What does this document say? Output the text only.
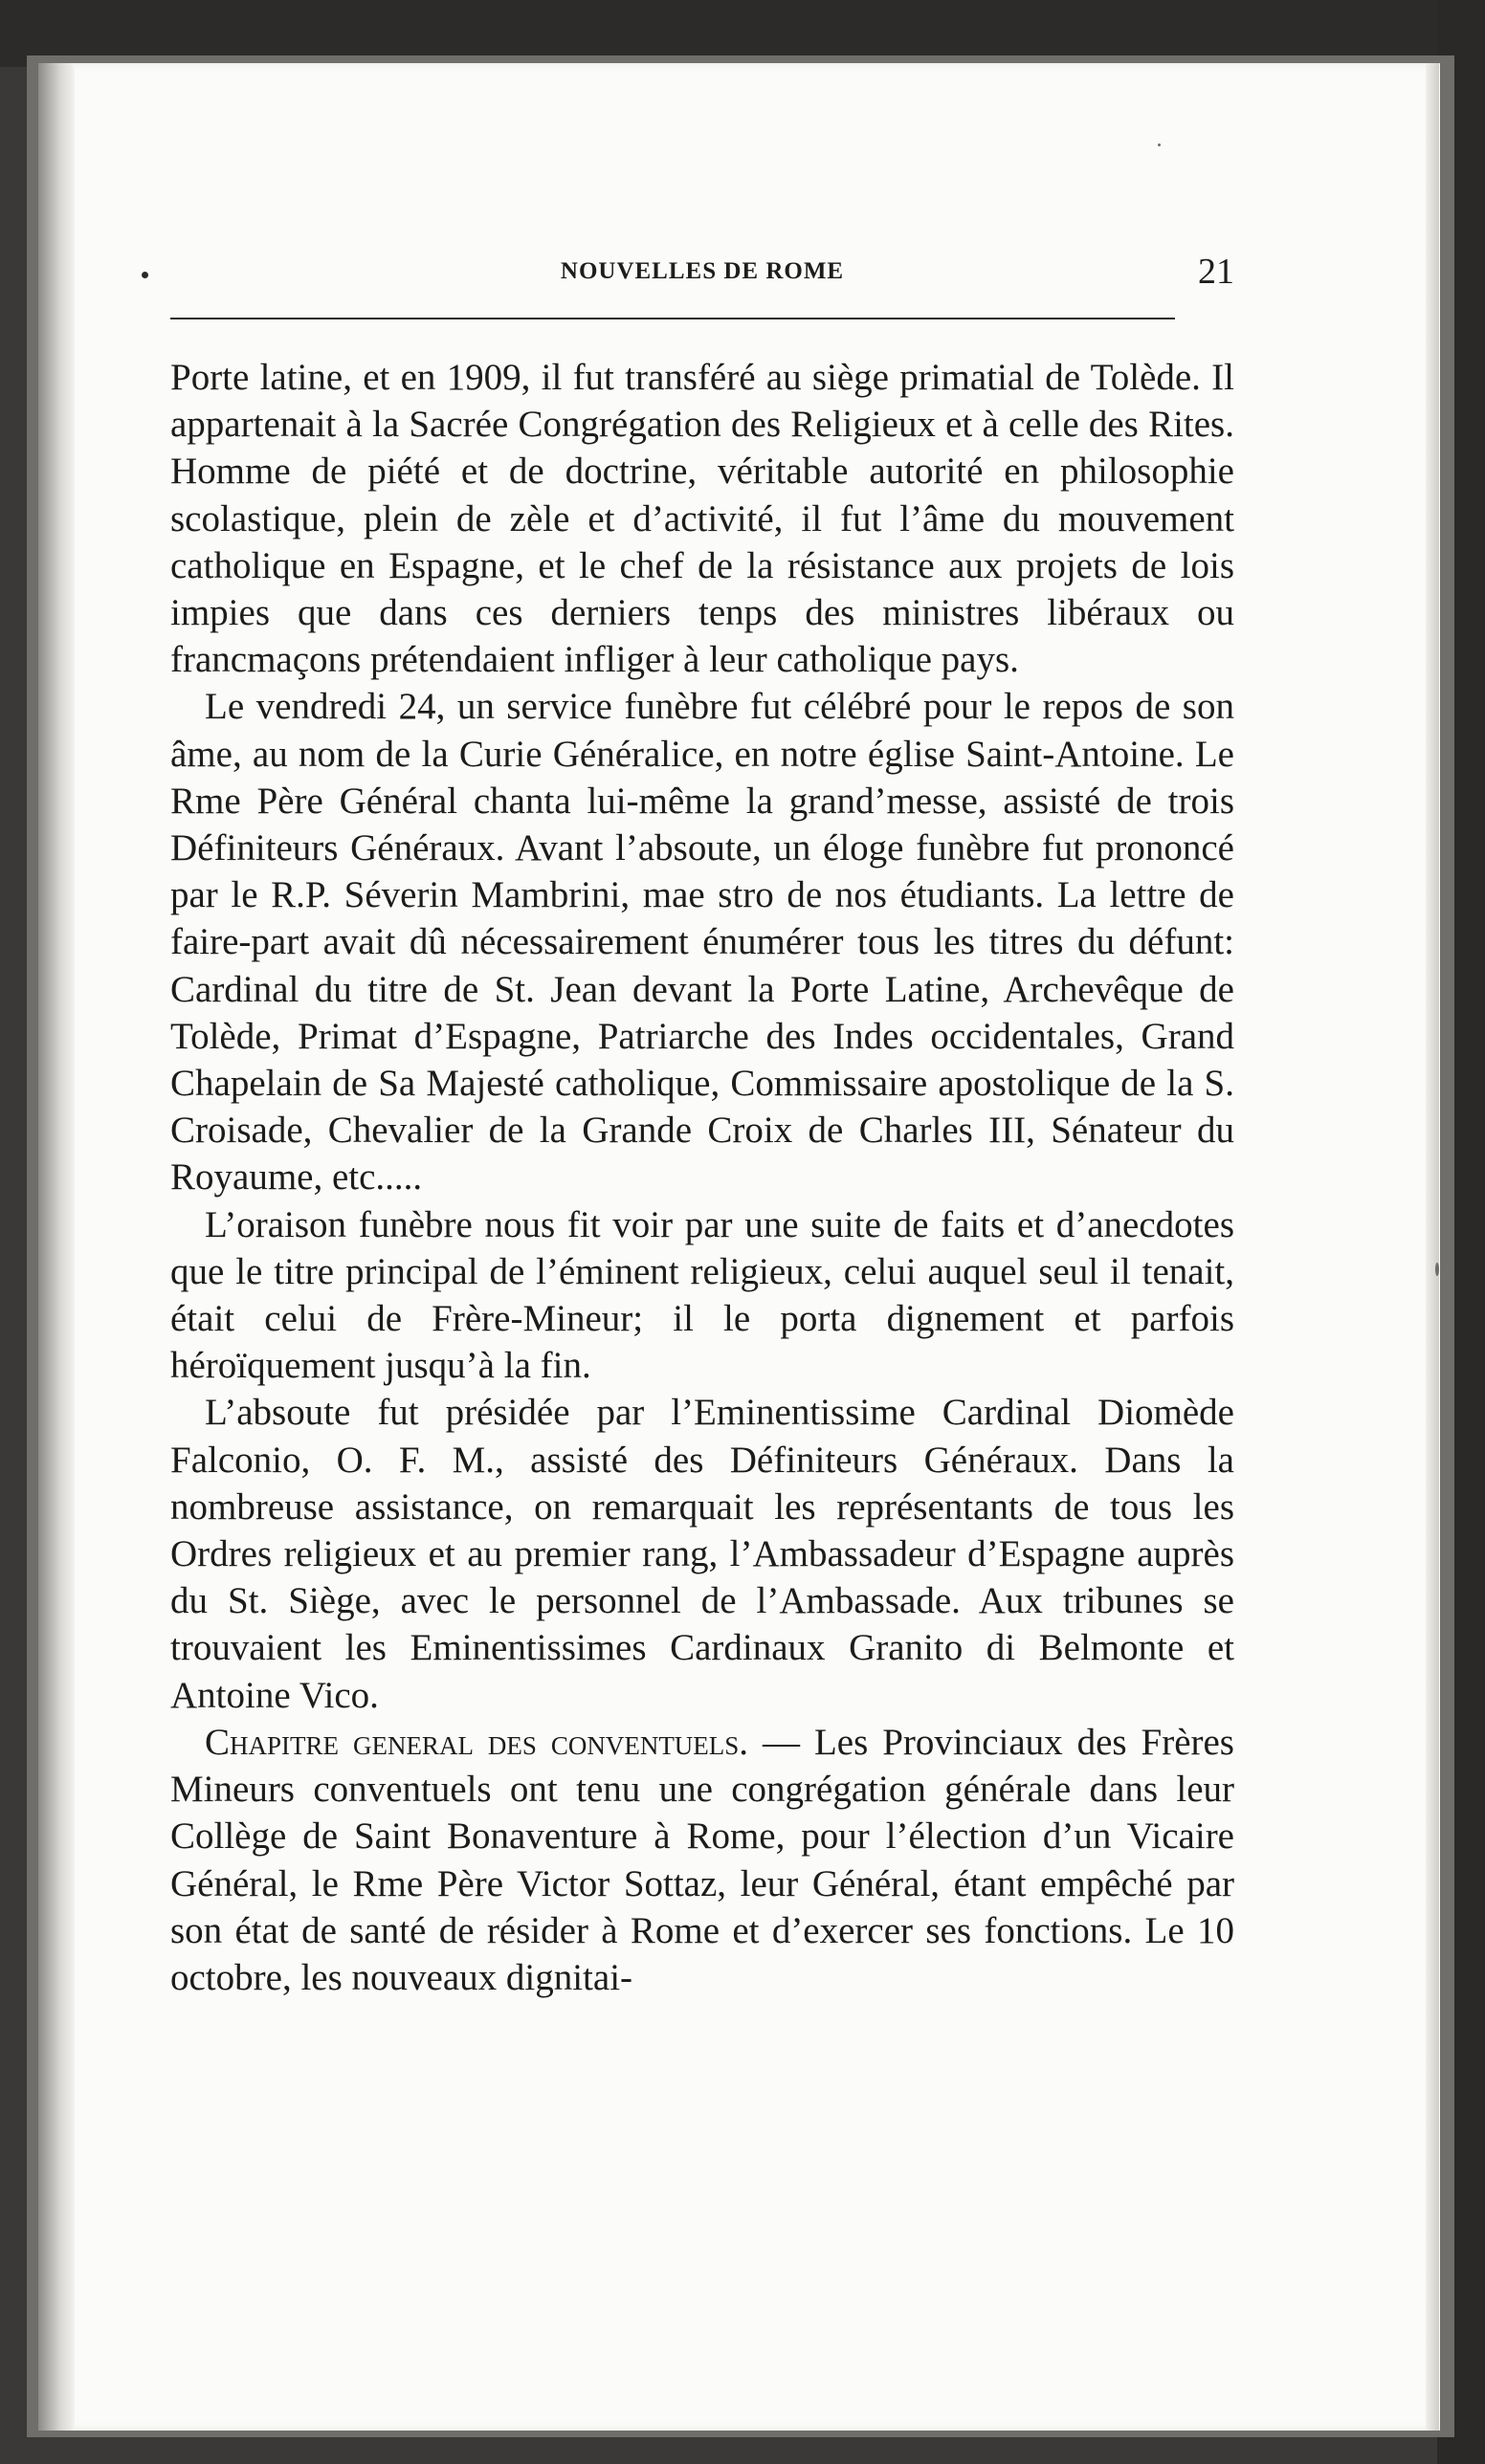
NOUVELLES DE ROME	21

Porte latine, et en 1909, il fut transféré au siège primatial de Tolède. Il appartenait à la Sacrée Congrégation des Religieux et à celle des Rites. Homme de piété et de doctrine, véritable autorité en philosophie scolastique, plein de zèle et d’activité, il fut l’âme du mouvement catholique en Espagne, et le chef de la résistance aux projets de lois impies que dans ces derniers tenps des ministres libéraux ou francmaçons prétendaient infliger à leur catholique pays.

Le vendredi 24, un service funèbre fut célébré pour le repos de son âme, au nom de la Curie Généralice, en notre église Saint-Antoine. Le Rme Père Général chanta lui-même la grand’messe, assisté de trois Définiteurs Généraux. Avant l’absoute, un éloge funèbre fut prononcé par le R.P. Séverin Mambrini, mae stro de nos étudiants. La lettre de faire-part avait dû nécessairement énumérer tous les titres du défunt: Cardinal du titre de St. Jean devant la Porte Latine, Archevêque de Tolède, Primat d’Espagne, Patriarche des Indes occidentales, Grand Chapelain de Sa Majesté catholique, Commissaire apostolique de la S. Croisade, Chevalier de la Grande Croix de Charles III, Sénateur du Royaume, etc.....

L’oraison funèbre nous fit voir par une suite de faits et d’anecdotes que le titre principal de l’éminent religieux, celui auquel seul il tenait, était celui de Frère-Mineur; il le porta dignement et parfois héroïquement jusqu’à la fin.

L’absoute fut présidée par l’Eminentissime Cardinal Diomède Falconio, O. F. M., assisté des Définiteurs Généraux. Dans la nombreuse assistance, on remarquait les représentants de tous les Ordres religieux et au premier rang, l’Ambassadeur d’Espagne auprès du St. Siège, avec le personnel de l’Ambassade. Aux tribunes se trouvaient les Eminentissimes Cardinaux Granito di Belmonte et Antoine Vico.

Chapitre general des conventuels. — Les Provinciaux des Frères Mineurs conventuels ont tenu une congrégation générale dans leur Collège de Saint Bonaventure à Rome, pour l’élection d’un Vicaire Général, le Rme Père Victor Sottaz, leur Général, étant empêché par son état de santé de résider à Rome et d’exercer ses fonctions. Le 10 octobre, les nouveaux dignitai-
